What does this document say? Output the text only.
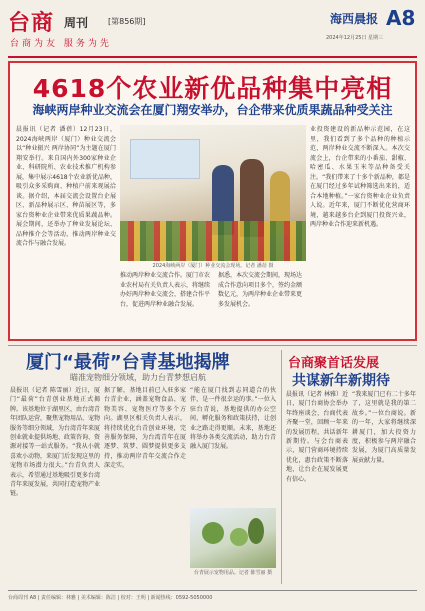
台商 周刊 [第856期]
台商为友 服务为先
海西晨报 A8
2024年12月25日 星期三
4618个农业新优品种集中亮相
海峡两岸种业交流会在厦门翔安举办，台企带来优质果蔬品种受关注
晨报讯（记者 潘蓓）12月23日，2024海峡两岸（厦门）种业交流会以“种业振兴 两岸协同”为主题在厦门翔安举行。来自国内外300家种业企业、科研院所、农业技术推广机构参展，集中展示4618个农业新优品种，吸引众多采购商、种植户前来观展洽谈。据介绍，本届交流会设置台企展区、新品种展示区、种苗展区等，多家台资种业企业带来优质果蔬品种。展会期间，还举办了种业发展论坛、品种推介会等活动，推动两岸种业交流合作与融合发展。
2024海峡两岸（厦门）种业交流会现场。记者 潘蓓 摄
推动两岸种业交流合作。厦门市农业农村局有关负责人表示，将继续办好两岸种业交流会，搭建合作平台，促进两岸种业融合发展。
据悉，本次交流会期间，现场达成合作意向项目多个，签约金额数亿元，为两岸种业企业带来更多发展机会。
业投资建设的新品种示范园，在这里，我们看到了多个品种的种植示范，两岸种业交流不断深入。本次交流会上，台企带来的小番茄、甜椒、哈密瓜、水果玉米等品种备受关注。“我们带来了十多个新品种，都是在厦门经过多年试种筛选出来的，适合本地种植。”一家台资种业企业负责人说。近年来，厦门不断优化营商环境，越来越多台企到厦门投资兴业，两岸种业合作迎来新机遇。
厦门“最荷”台青基地揭牌
瞄准宠物细分领域，助力台青梦想启航
晨报讯（记者 陈雪丽）近日，厦门“最荷”台青创业基地正式揭牌。该基地位于湖里区，由台湾青年团队运营，聚焦宠物用品、宠物服务等细分领域，为台湾青年来厦创业就业提供场地、政策咨询、资源对接等一站式服务。“我从小就喜欢小动物，来厦门后发现这里的宠物市场潜力很大。”台青负责人表示，希望通过基地吸引更多台湾青年来厦发展，共同打造宠物产业链。
据了解，基地目前已入驻多家台青企业，涵盖宠物食品、宠物美容、宠物医疗等多个方向。湖里区相关负责人表示，将持续优化台青创业环境，完善服务保障，为台湾青年在厦逐梦、筑梦、圆梦提供更多支持，推动两岸青年交流合作走深走实。
“能在厦门找到志同道合的伙伴，是一件很幸运的事。”一位入驻台青说，基地提供的办公空间、孵化服务和政策扶持，让创业之路走得更顺。未来，基地还将举办各类交流活动，助力台青融入厦门发展。
台青展示宠物用品。记者 陈雪丽 摄
台商聚首话发展
共谋新年新期待
晨报讯（记者 林雅）近日，厦门台商协会举办年终座谈会，台商代表齐聚一堂，回顾一年来的发展历程，共话新年新期待。与会台商表示，厦门营商环境持续优化，惠台政策不断落地，让台企在厦发展更有信心。
“我来厦门已有二十多年了，这里就是我的第二故乡。”一位台商说。新的一年，大家将继续深耕厦门，加大投资力度，积极参与两岸融合发展，为厦门高质量发展贡献力量。
台商周刊 A8 | 责任编辑：林雅 | 美术编辑：陈洁 | 校对：王明 | 新闻热线：0592-5050000
